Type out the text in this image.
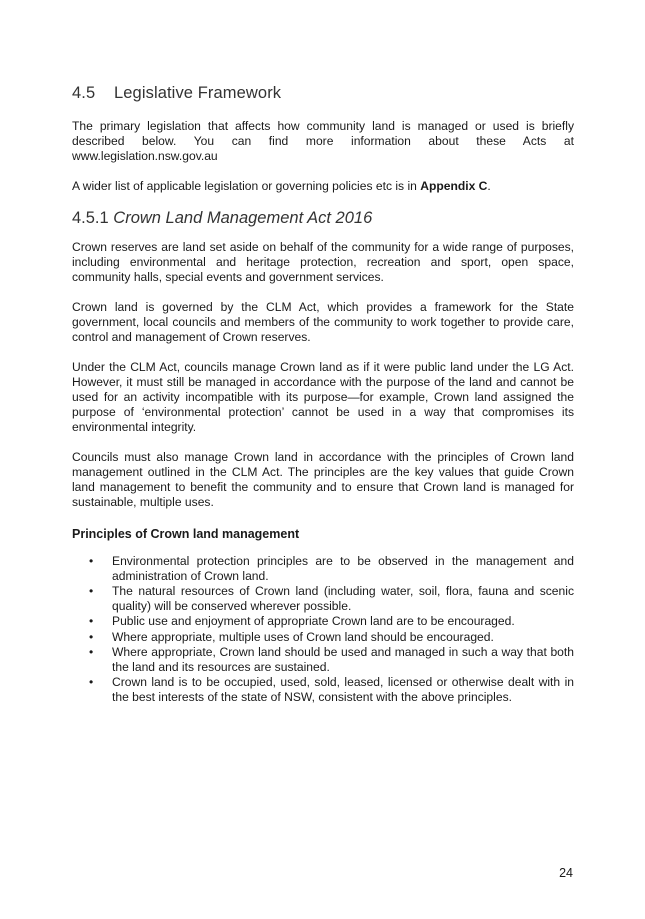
4.5 Legislative Framework

The primary legislation that affects how community land is managed or used is briefly described below. You can find more information about these Acts at www.legislation.nsw.gov.au

A wider list of applicable legislation or governing policies etc is in Appendix C.

4.5.1 Crown Land Management Act 2016

Crown reserves are land set aside on behalf of the community for a wide range of purposes, including environmental and heritage protection, recreation and sport, open space, community halls, special events and government services.

Crown land is governed by the CLM Act, which provides a framework for the State government, local councils and members of the community to work together to provide care, control and management of Crown reserves.

Under the CLM Act, councils manage Crown land as if it were public land under the LG Act. However, it must still be managed in accordance with the purpose of the land and cannot be used for an activity incompatible with its purpose—for example, Crown land assigned the purpose of ‘environmental protection’ cannot be used in a way that compromises its environmental integrity.

Councils must also manage Crown land in accordance with the principles of Crown land management outlined in the CLM Act. The principles are the key values that guide Crown land management to benefit the community and to ensure that Crown land is managed for sustainable, multiple uses.

Principles of Crown land management
• Environmental protection principles are to be observed in the management and administration of Crown land.
• The natural resources of Crown land (including water, soil, flora, fauna and scenic quality) will be conserved wherever possible.
• Public use and enjoyment of appropriate Crown land are to be encouraged.
• Where appropriate, multiple uses of Crown land should be encouraged.
• Where appropriate, Crown land should be used and managed in such a way that both the land and its resources are sustained.
• Crown land is to be occupied, used, sold, leased, licensed or otherwise dealt with in the best interests of the state of NSW, consistent with the above principles.
24
